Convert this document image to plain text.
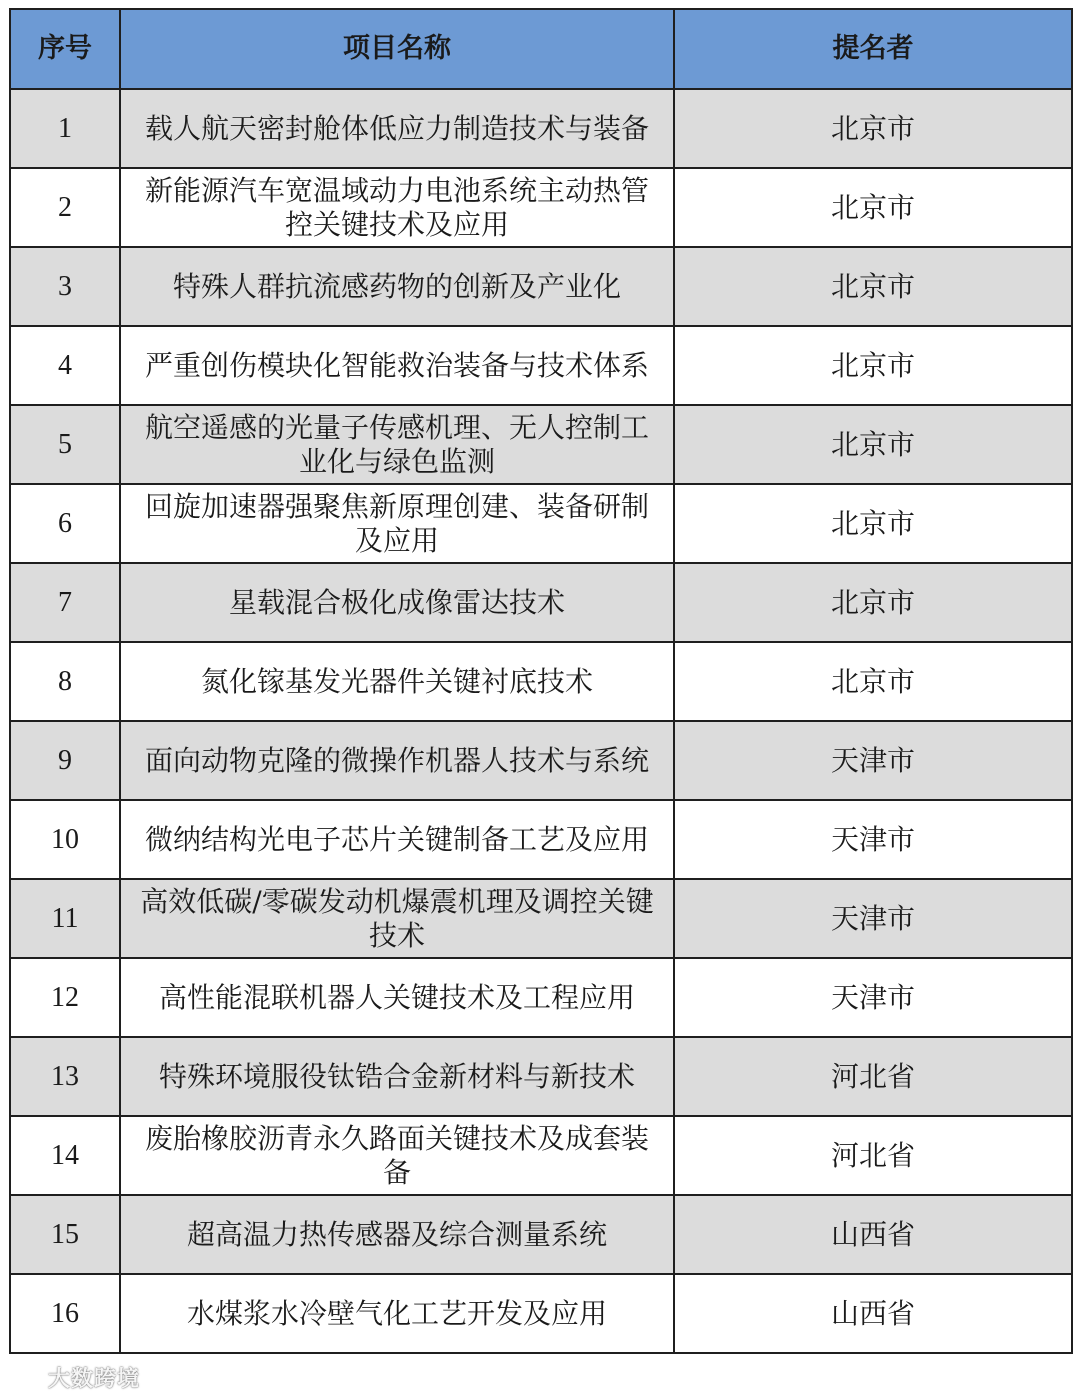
序号	项目名称	提名者
1	载人航天密封舱体低应力制造技术与装备	北京市
2	新能源汽车宽温域动力电池系统主动热管控关键技术及应用	北京市
3	特殊人群抗流感药物的创新及产业化	北京市
4	严重创伤模块化智能救治装备与技术体系	北京市
5	航空遥感的光量子传感机理、无人控制工业化与绿色监测	北京市
6	回旋加速器强聚焦新原理创建、装备研制及应用	北京市
7	星载混合极化成像雷达技术	北京市
8	氮化镓基发光器件关键衬底技术	北京市
9	面向动物克隆的微操作机器人技术与系统	天津市
10	微纳结构光电子芯片关键制备工艺及应用	天津市
11	高效低碳/零碳发动机爆震机理及调控关键技术	天津市
12	高性能混联机器人关键技术及工程应用	天津市
13	特殊环境服役钛锆合金新材料与新技术	河北省
14	废胎橡胶沥青永久路面关键技术及成套装备	河北省
15	超高温力热传感器及综合测量系统	山西省
16	水煤浆水冷壁气化工艺开发及应用	山西省
大数跨境
